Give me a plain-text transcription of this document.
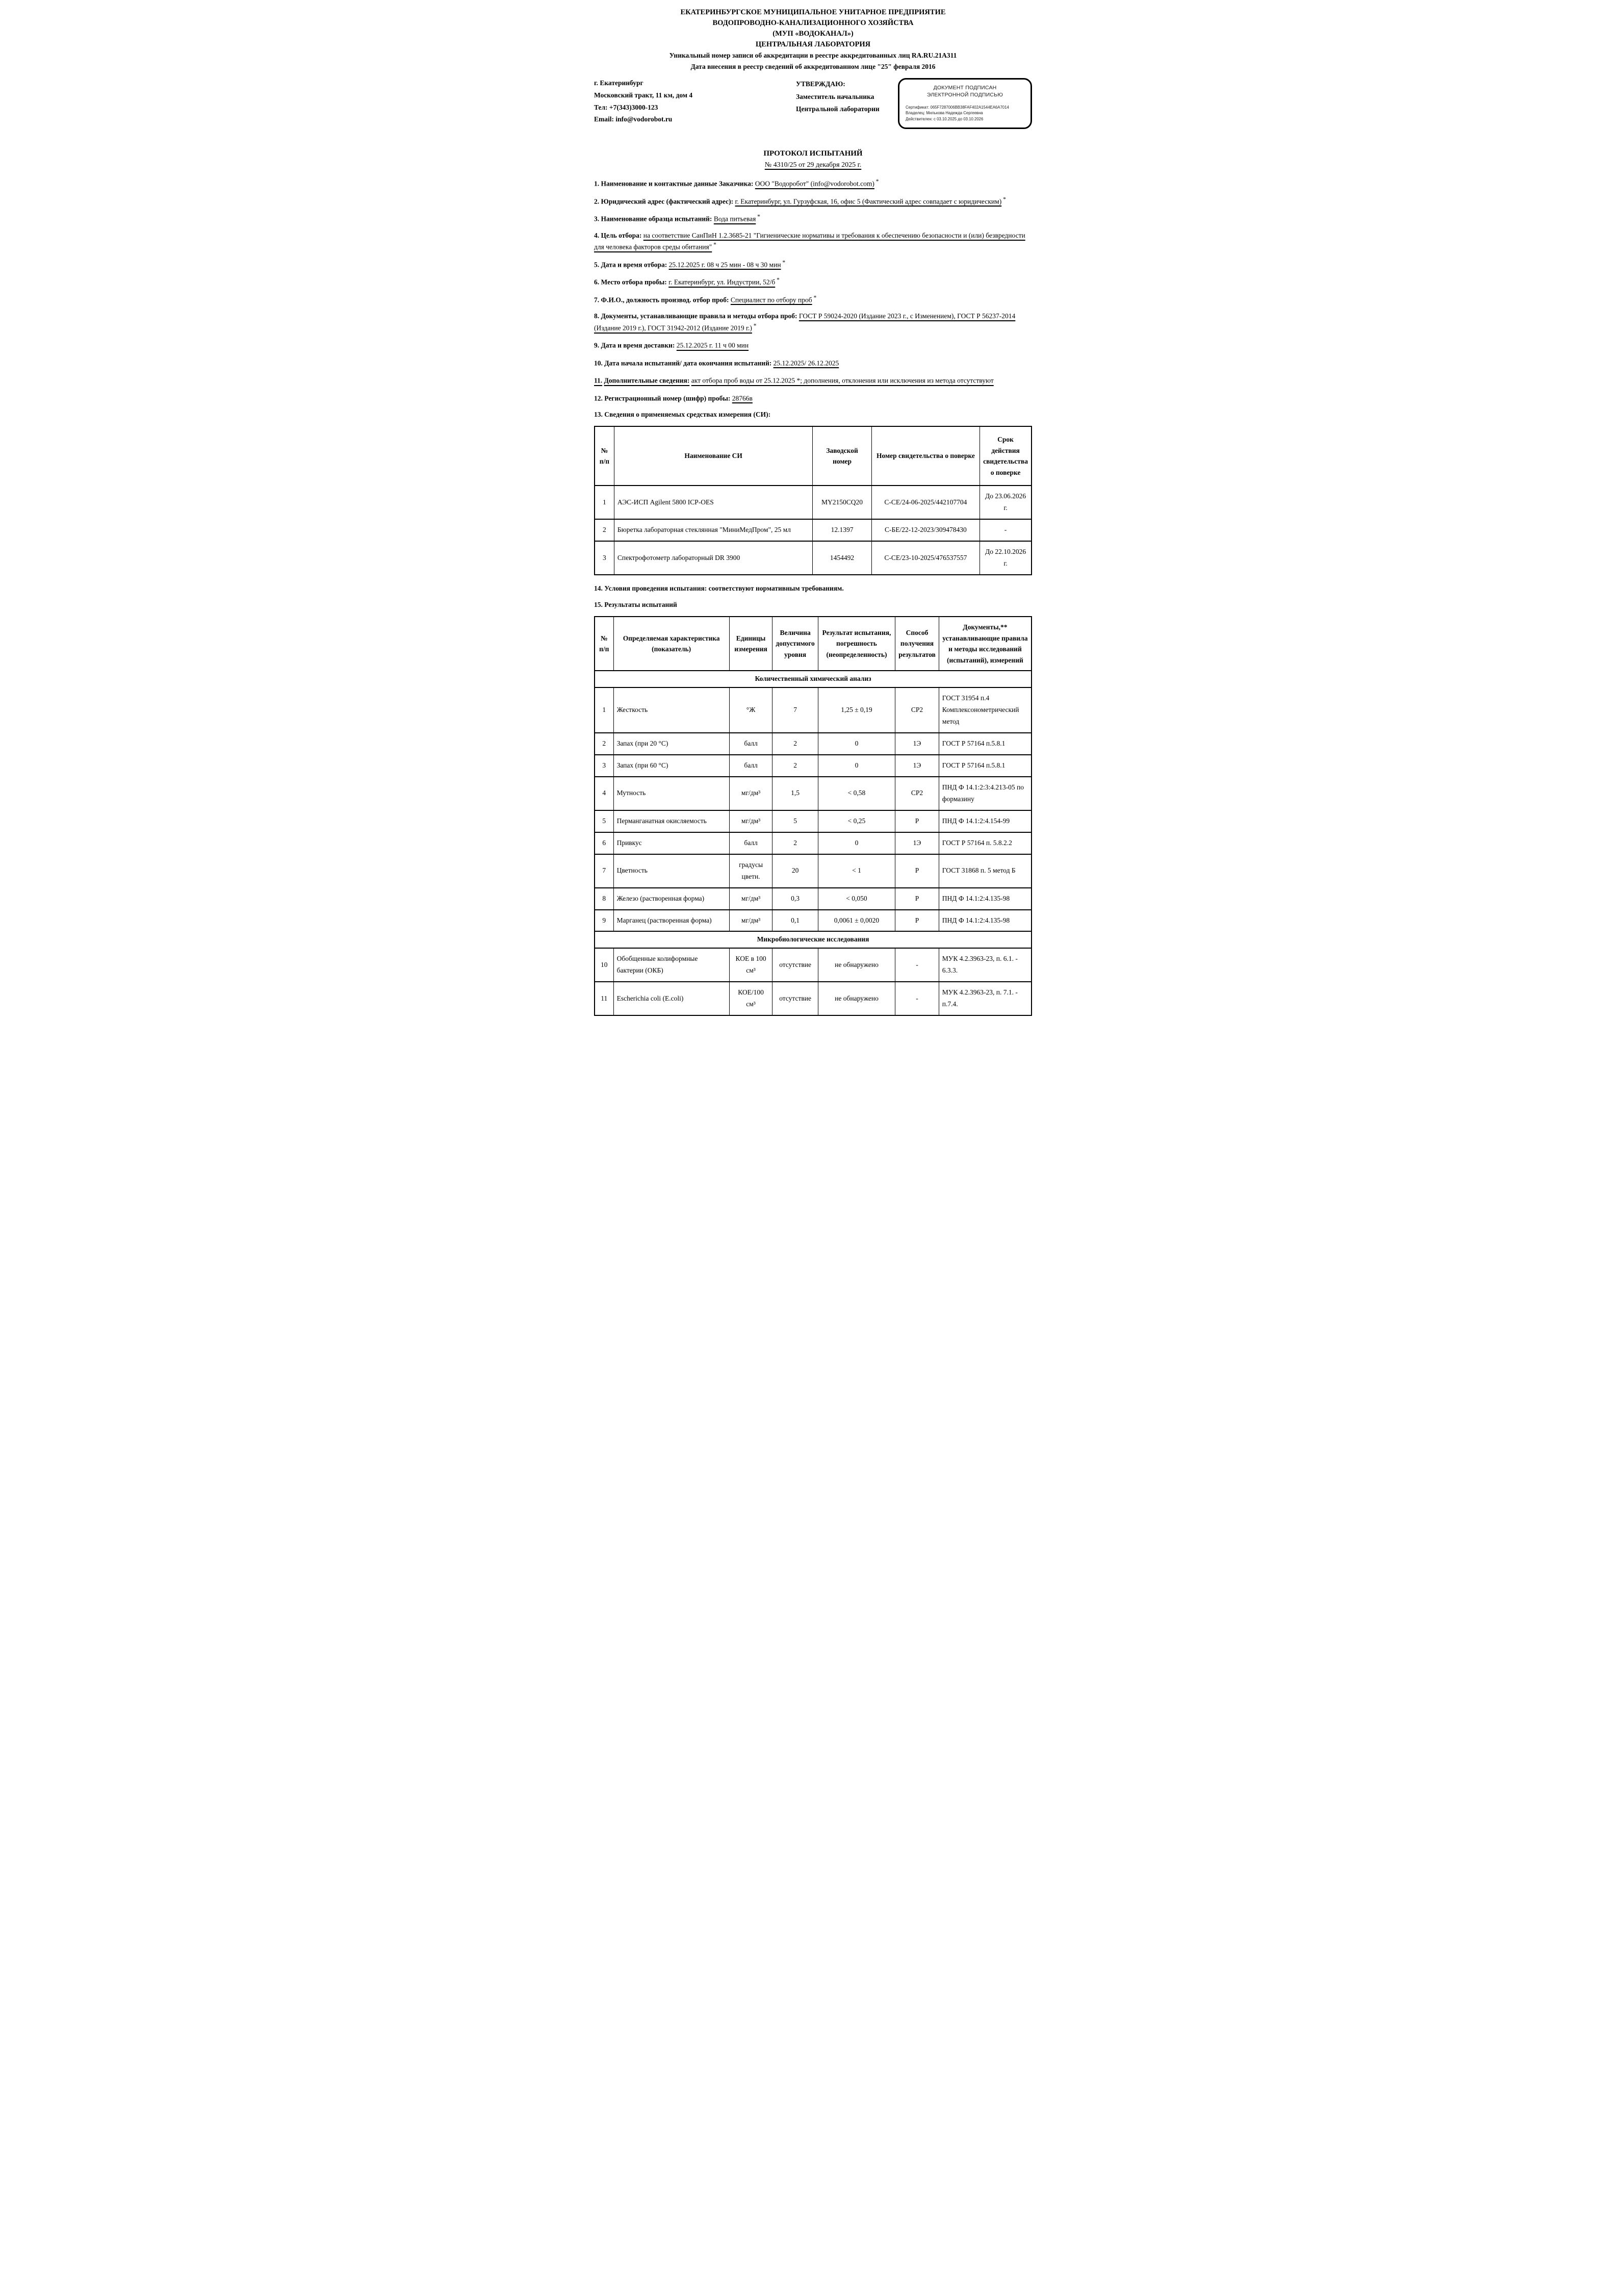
ЕКАТЕРИНБУРГСКОЕ МУНИЦИПАЛЬНОЕ УНИТАРНОЕ ПРЕДПРИЯТИЕ
ВОДОПРОВОДНО-КАНАЛИЗАЦИОННОГО ХОЗЯЙСТВА
(МУП «ВОДОКАНАЛ»)
ЦЕНТРАЛЬНАЯ ЛАБОРАТОРИЯ
Уникальный номер записи об аккредитации в реестре аккредитованных лиц RA.RU.21A311
Дата внесения в реестр сведений об аккредитованном лице "25" февраля 2016
г. Екатеринбург
Московский тракт, 11 км, дом 4
Тел: +7(343)3000-123
Email: info@vodorobot.ru
УТВЕРЖДАЮ:
Заместитель начальника
Центральной лаборатории
ДОКУМЕНТ ПОДПИСАН
ЭЛЕКТРОННОЙ ПОДПИСЬЮ
Сертификат: 065F7287006BB38FAF402A1544EA6A7014
Владелец: Милькова Надежда Сергеевна
Действителен: с 03.10.2025 до 03.10.2026
ПРОТОКОЛ ИСПЫТАНИЙ
№ 4310/25 от 29 декабря 2025 г.

1. Наименование и контактные данные Заказчика: ООО "Водоробот" (info@vodorobot.com) *

2. Юридический адрес (фактический адрес): г. Екатеринбург, ул. Гурзуфская, 16, офис 5 (Фактический адрес совпадает с юридическим) *

3. Наименование образца испытаний: Вода питьевая *

4. Цель отбора: на соответствие СанПиН 1.2.3685-21 "Гигиенические нормативы и требования к обеспечению безопасности и (или) безвредности для человека факторов среды обитания" *

5. Дата и время отбора: 25.12.2025 г. 08 ч 25 мин - 08 ч 30 мин *

6. Место отбора пробы: г. Екатеринбург, ул. Индустрии, 52/б *

7. Ф.И.О., должность производ. отбор проб: Специалист по отбору проб *

8. Документы, устанавливающие правила и методы отбора проб: ГОСТ Р 59024-2020 (Издание 2023 г., с Изменением), ГОСТ Р 56237-2014 (Издание 2019 г.), ГОСТ 31942-2012 (Издание 2019 г.) *

9. Дата и время доставки: 25.12.2025 г. 11 ч 00 мин

10. Дата начала испытаний/ дата окончания испытаний: 25.12.2025/ 26.12.2025

11. Дополнительные сведения: акт отбора проб воды от 25.12.2025 *; дополнения, отклонения или исключения из метода отсутствуют

12. Регистрационный номер (шифр) пробы: 28766в

13. Сведения о применяемых средствах измерения (СИ):

№ п/п	Наименование СИ	Заводской номер	Номер свидетельства о поверке	Срок действия свидетельства о поверке
1	АЭС-ИСП Agilent 5800 ICP-OES	MY2150CQ20	С-СЕ/24-06-2025/442107704	До 23.06.2026 г.
2	Бюретка лабораторная стеклянная "МиниМедПром", 25 мл	12.1397	С-БЕ/22-12-2023/309478430	-
3	Спектрофотометр лабораторный DR 3900	1454492	С-СЕ/23-10-2025/476537557	До 22.10.2026 г.

14. Условия проведения испытания: соответствуют нормативным требованиям.

15. Результаты испытаний

№ п/п	Определяемая характеристика (показатель)	Единицы измерения	Величина допустимого уровня	Результат испытания, погрешность (неопределенность)	Способ получения результатов	Документы,** устанавливающие правила и методы исследований (испытаний), измерений
Количественный химический анализ						
1	Жесткость	°Ж	7	1,25 ± 0,19	СР2	ГОСТ 31954 п.4 Комплексонометрический метод
2	Запах (при 20 °С)	балл	2	0	1Э	ГОСТ Р 57164 п.5.8.1
3	Запах (при 60 °С)	балл	2	0	1Э	ГОСТ Р 57164 п.5.8.1
4	Мутность	мг/дм³	1,5	< 0,58	СР2	ПНД Ф 14.1:2:3:4.213-05 по формазину
5	Перманганатная окисляемость	мг/дм³	5	< 0,25	Р	ПНД Ф 14.1:2:4.154-99
6	Привкус	балл	2	0	1Э	ГОСТ Р 57164 п. 5.8.2.2
7	Цветность	градусы цветн.	20	< 1	Р	ГОСТ 31868 п. 5 метод Б
8	Железо (растворенная форма)	мг/дм³	0,3	< 0,050	Р	ПНД Ф 14.1:2:4.135-98
9	Марганец (растворенная форма)	мг/дм³	0,1	0,0061 ± 0,0020	Р	ПНД Ф 14.1:2:4.135-98
Микробиологические исследования						
10	Обобщенные колиформные бактерии (ОКБ)	КОЕ в 100 см³	отсутствие	не обнаружено	-	МУК 4.2.3963-23, п. 6.1. - 6.3.3.
11	Escherichia coli (E.coli)	КОЕ/100 см³	отсутствие	не обнаружено	-	МУК 4.2.3963-23, п. 7.1. - п.7.4.
